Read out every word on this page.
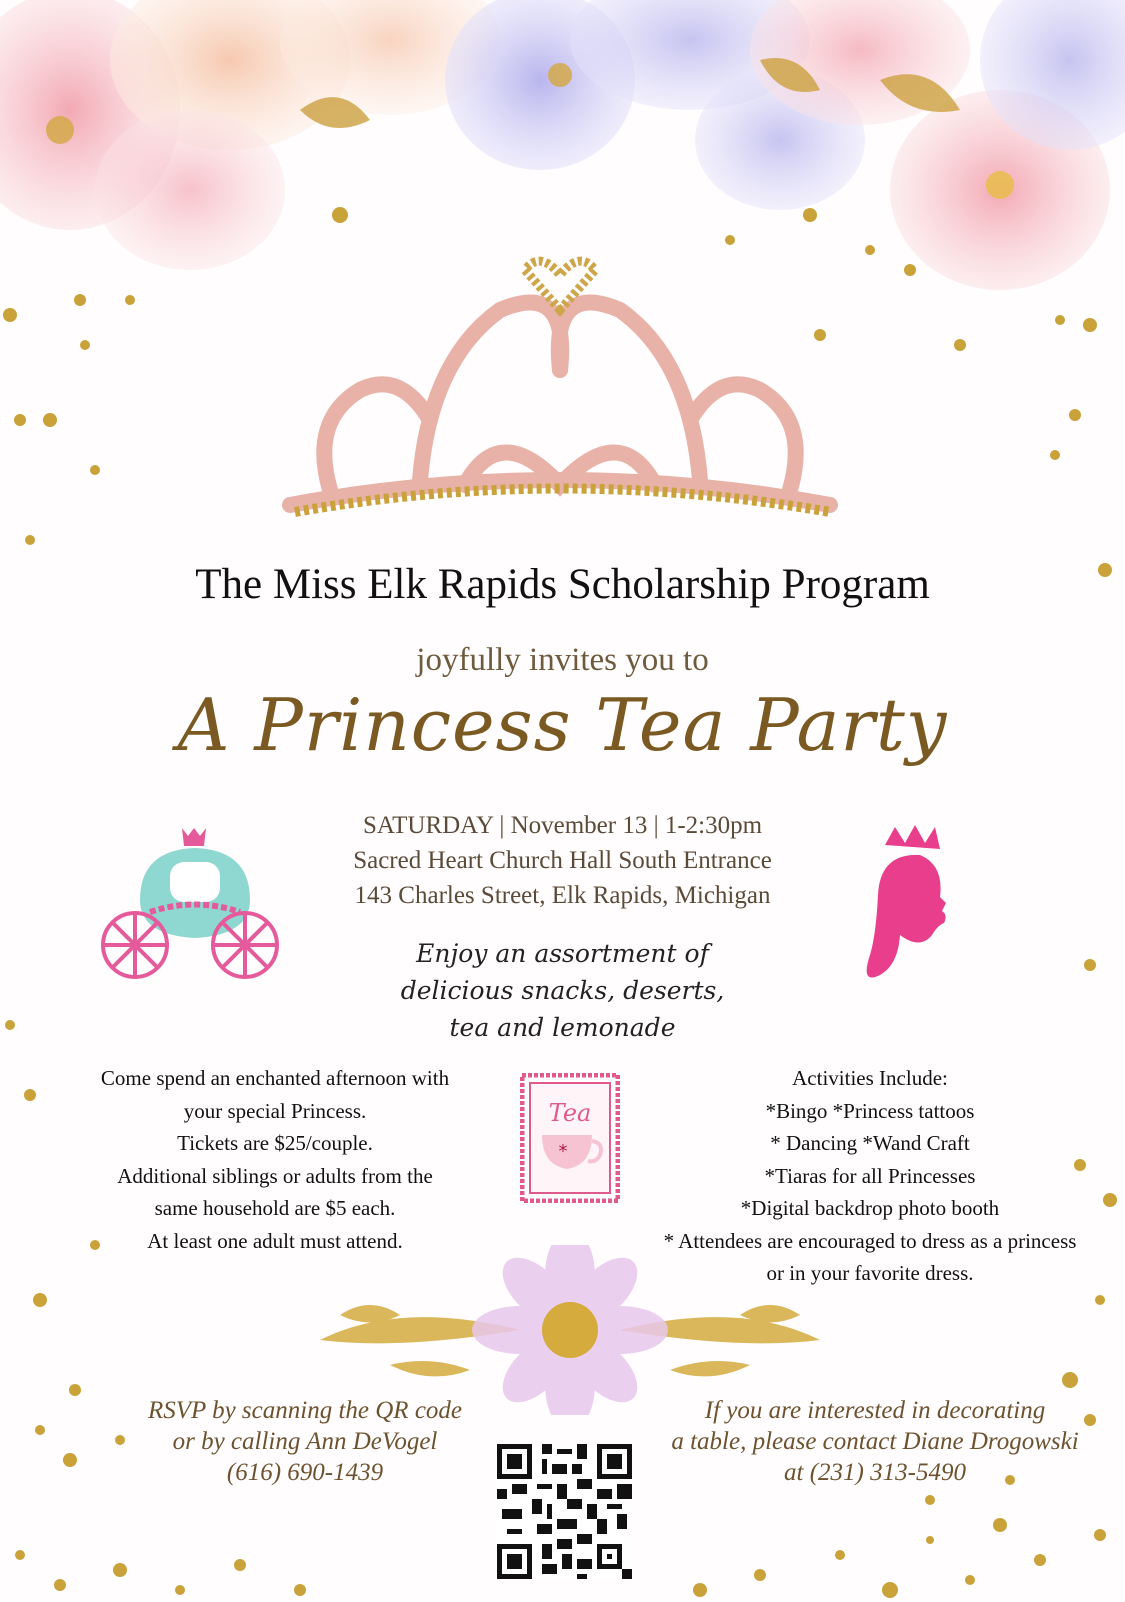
The Miss Elk Rapids Scholarship Program
joyfully invites you to
A Princess Tea Party
SATURDAY | November 13 | 1-2:30pm
Sacred Heart Church Hall South Entrance
143 Charles Street, Elk Rapids, Michigan
Enjoy an assortment of
delicious snacks, deserts,
tea and lemonade
Come spend an enchanted afternoon with
your special Princess.
Tickets are $25/couple.
Additional siblings or adults from the
same household are $5 each.
At least one adult must attend.
Tea
*
Activities Include:
*Bingo *Princess tattoos
* Dancing *Wand Craft
*Tiaras for all Princesses
*Digital backdrop photo booth
* Attendees are encouraged to dress as a princess
or in your favorite dress.
RSVP by scanning the QR code
or by calling Ann DeVogel
(616) 690-1439
If you are interested in decorating
a table, please contact Diane Drogowski
at (231) 313-5490
